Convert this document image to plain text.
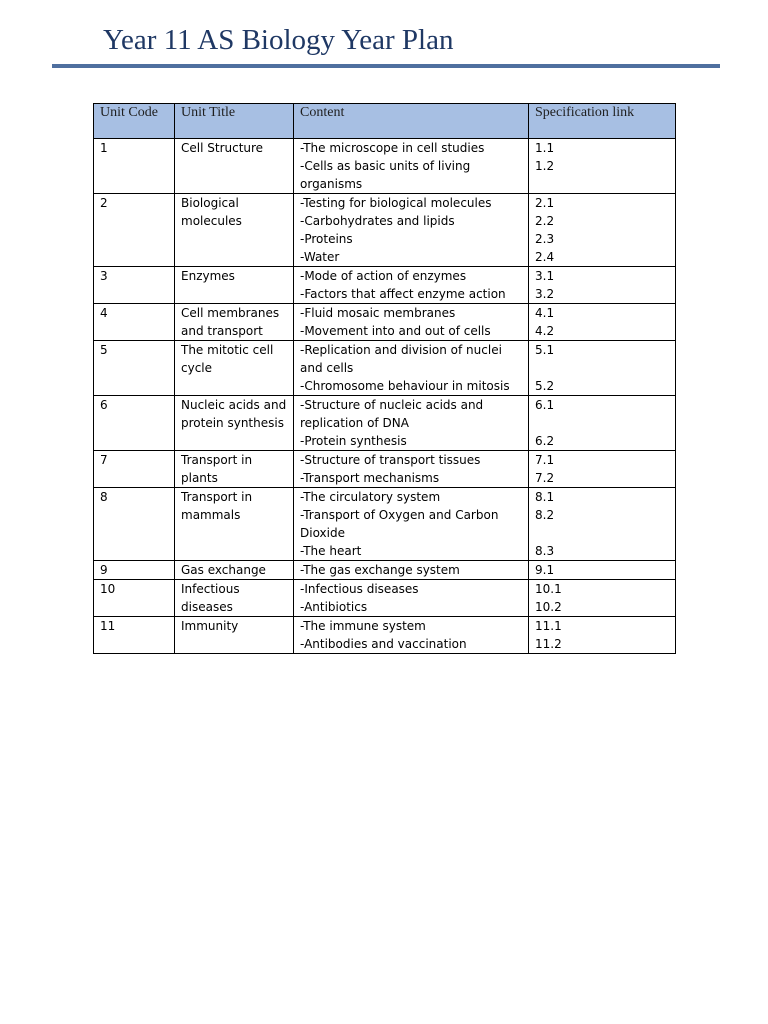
Year 11 AS Biology Year Plan
Unit Code	Unit Title	Content	Specification link
1	Cell Structure	-The microscope in cell studies
-Cells as basic units of living organisms	1.1
1.2

2	Biological molecules	-Testing for biological molecules
-Carbohydrates and lipids
-Proteins
-Water	2.1
2.2
2.3
2.4

3	Enzymes	-Mode of action of enzymes
-Factors that affect enzyme action	3.1
3.2

4	Cell membranes and transport	-Fluid mosaic membranes
-Movement into and out of cells	4.1
4.2

5	The mitotic cell cycle	-Replication and division of nuclei and cells
-Chromosome behaviour in mitosis	5.1
5.2

6	Nucleic acids and protein synthesis	-Structure of nucleic acids and replication of DNA
-Protein synthesis	6.1
6.2

7	Transport in plants	-Structure of transport tissues
-Transport mechanisms	7.1
7.2

8	Transport in mammals	-The circulatory system
-Transport of Oxygen and Carbon Dioxide
-The heart	8.1
8.2
8.3

9	Gas exchange	-The gas exchange system	9.1

10	Infectious diseases	-Infectious diseases
-Antibiotics	10.1
10.2

11	Immunity	-The immune system
-Antibodies and vaccination	11.1
11.2
